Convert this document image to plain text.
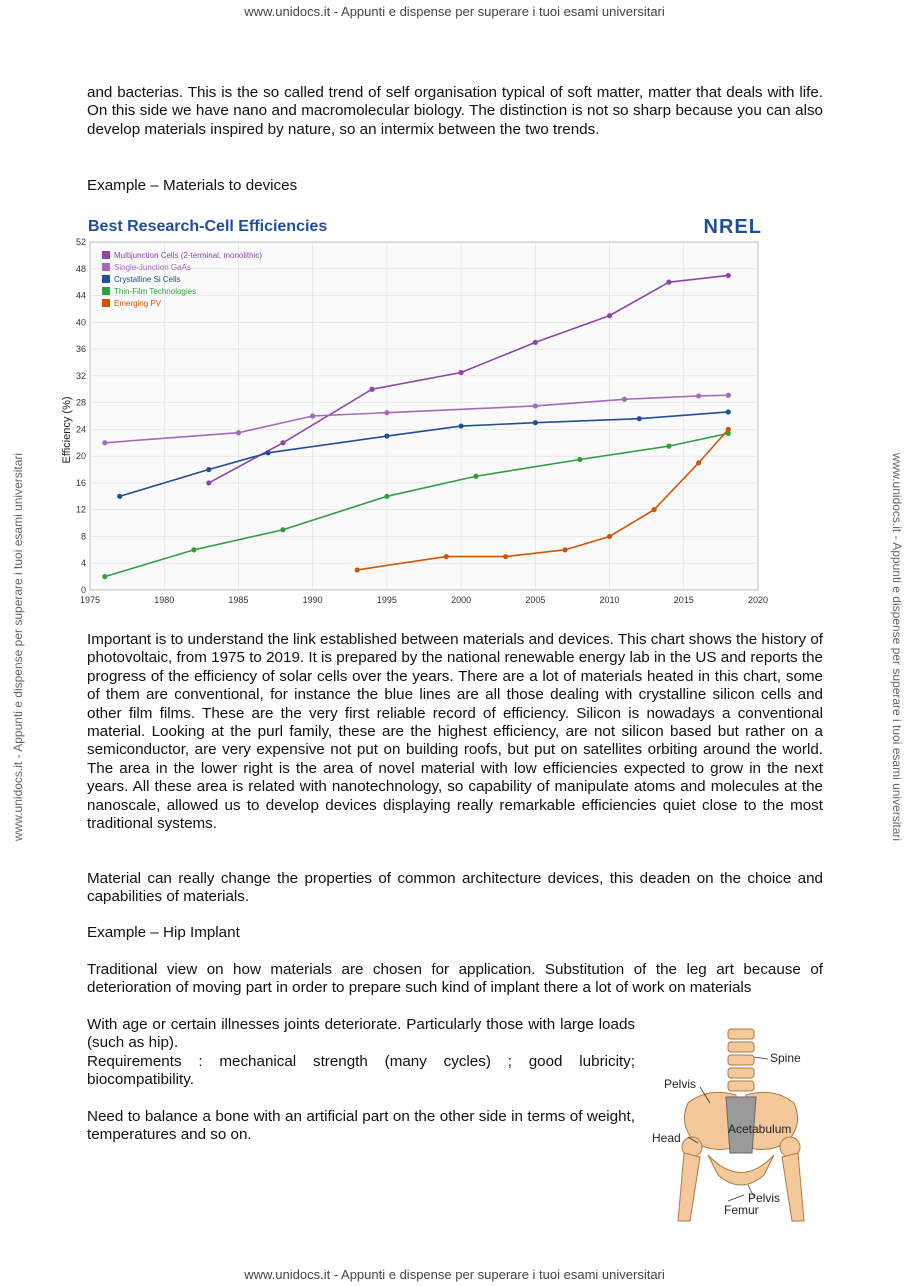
www.unidocs.it - Appunti e dispense per superare i tuoi esami universitari
www.unidocs.it - Appunti e dispense per superare i tuoi esami universitari
www.unidocs.it - Appunti e dispense per superare i tuoi esami universitari	www.unidocs.it - Appunti e dispense per superare i tuoi esami universitari

and bacterias. This is the so called trend of self organisation typical of soft matter, matter that deals with life. On this side we have nano and macromolecular biology. The distinction is not so sharp because you can also develop materials inspired by nature, so an intermix between the two trends.

Example – Materials to devices

Best Research-Cell Efficiencies	NREL
0
4
8
12
16
20
24
28
32
36
40
44
48
52
1975	1980	1985	1990	1995	2000	2005	2010	2015	2020
Multijunction Cells (2-terminal, monolithic)
Single-Junction GaAs
Crystalline Si Cells
Thin-Film Technologies
Emerging PV
Efficiency (%)

Important is to understand the link established between materials and devices. This chart shows the history of photovoltaic, from 1975 to 2019. It is prepared by the national renewable energy lab in the US and reports the progress of the efficiency of solar cells over the years. There are a lot of materials heated in this chart, some of them are conventional, for instance the blue lines are all those dealing with crystalline silicon cells and other film films. These are the very first reliable record of efficiency. Silicon is nowadays a conventional material. Looking at the purl family, these are the highest efficiency, are not silicon based but rather on a semiconductor, are very expensive not put on building roofs, but put on satellites orbiting around the world. The area in the lower right is the area of novel material with low efficiencies expected to grow in the next years. All these area is related with nanotechnology, so capability of manipulate atoms and molecules at the nanoscale, allowed us to develop devices displaying really remarkable efficiencies quiet close to the most traditional systems.

Material can really change the properties of common architecture devices, this deaden on the choice and capabilities of materials.

Example – Hip Implant

Traditional view on how materials are chosen for application. Substitution of the leg art because of deterioration of moving part in order to prepare such kind of implant there a lot of work on materials

With age or certain illnesses joints deteriorate. Particularly those with large loads (such as hip).

Requirements : mechanical strength (many cycles) ; good lubricity; biocompatibility.

Need to balance a bone with an artificial part on the other side in terms of weight, temperatures and so on.

Spine
Pelvis
Head
Acetabulum
Pelvis
Femur
